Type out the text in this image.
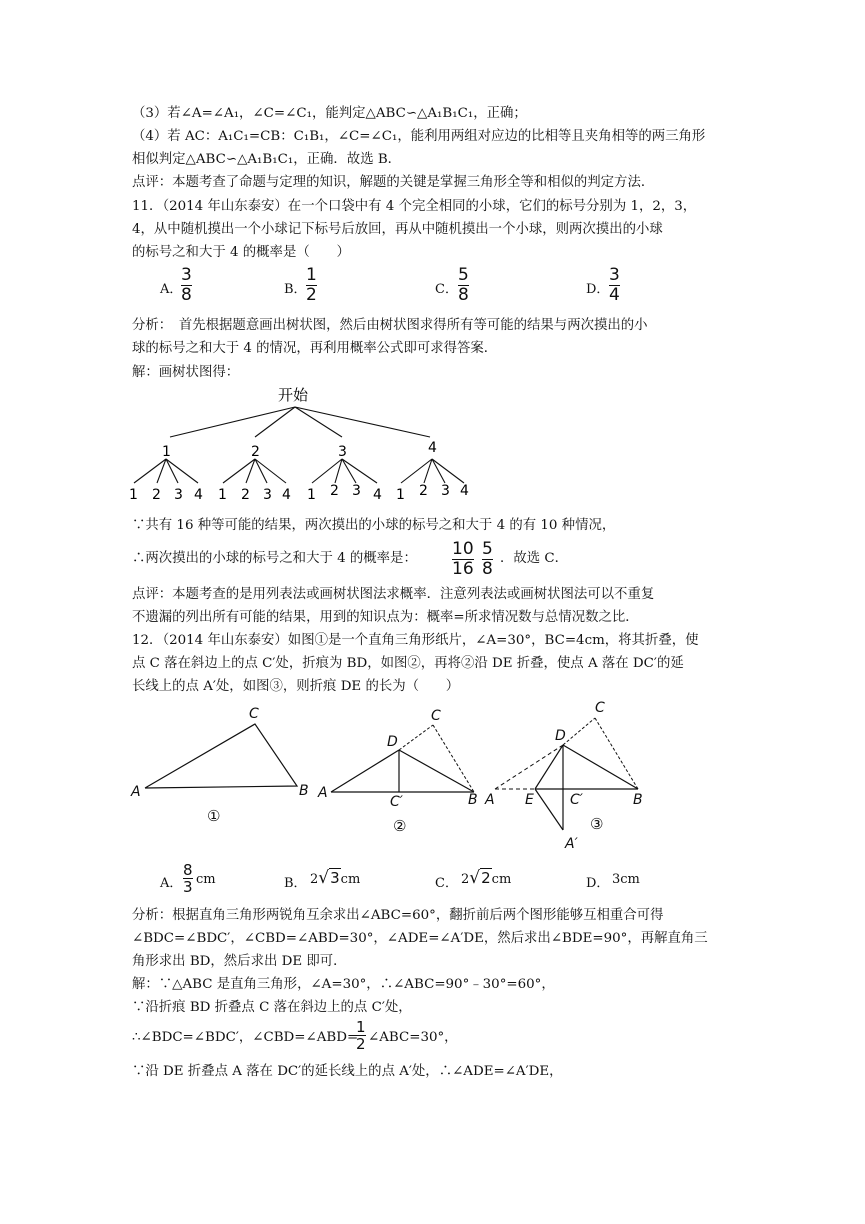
（3）若∠A=∠A₁，∠C=∠C₁，能判定△ABC∽△A₁B₁C₁，正确；
（4）若 AC：A₁C₁=CB：C₁B₁，∠C=∠C₁，能利用两组对应边的比相等且夹角相等的两三角形
相似判定△ABC∽△A₁B₁C₁，正确．故选 B．
点评：本题考查了命题与定理的知识，解题的关键是掌握三角形全等和相似的判定方法．
11．（2014 年山东泰安）在一个口袋中有 4 个完全相同的小球，它们的标号分别为 1，2，3，
4，从中随机摸出一个小球记下标号后放回，再从中随机摸出一个小球，则两次摸出的小球
的标号之和大于 4 的概率是（　　）
A．
3
8	B．
1
2	C．
5
8	D．
3
4
分析：　首先根据题意画出树状图，然后由树状图求得所有等可能的结果与两次摸出的小
球的标号之和大于 4 的情况，再利用概率公式即可求得答案．
解：画树状图得：
开始
1	2	3	4
1 2 3 4 1 2 3 4 1 2 3 4 1 2 3 4
∵共有 16 种等可能的结果，两次摸出的小球的标号之和大于 4 的有 10 种情况，
∴两次摸出的小球的标号之和大于 4 的概率是： 10
16
5
8
．故选 C．
点评：本题考查的是用列表法或画树状图法求概率．注意列表法或画树状图法可以不重复
不遗漏的列出所有可能的结果，用到的知识点为：概率=所求情况数与总情况数之比．
12．（2014 年山东泰安）如图①是一个直角三角形纸片，∠A=30°，BC=4cm，将其折叠，使
点 C 落在斜边上的点 C′处，折痕为 BD，如图②，再将②沿 DE 折叠，使点 A 落在 DC′的延
长线上的点 A′处，如图③，则折痕 DE 的长为（　　）
C
A	B
①
C
D
A	B
C′
②
C
D
A E	C′	B
A′
③
A．
8
3 cm	B． 2√3cm	C． 2√2cm	D． 3cm
分析：根据直角三角形两锐角互余求出∠ABC=60°，翻折前后两个图形能够互相重合可得
∠BDC=∠BDC′，∠CBD=∠ABD=30°，∠ADE=∠A′DE，然后求出∠BDE=90°，再解直角三
角形求出 BD，然后求出 DE 即可．
解：∵△ABC 是直角三角形，∠A=30°，∴∠ABC=90°﹣30°=60°，
∵沿折痕 BD 折叠点 C 落在斜边上的点 C′处，
∴∠BDC=∠BDC′，∠CBD=∠ABD=
1
2 ∠ABC=30°，
∵沿 DE 折叠点 A 落在 DC′的延长线上的点 A′处，∴∠ADE=∠A′DE，
